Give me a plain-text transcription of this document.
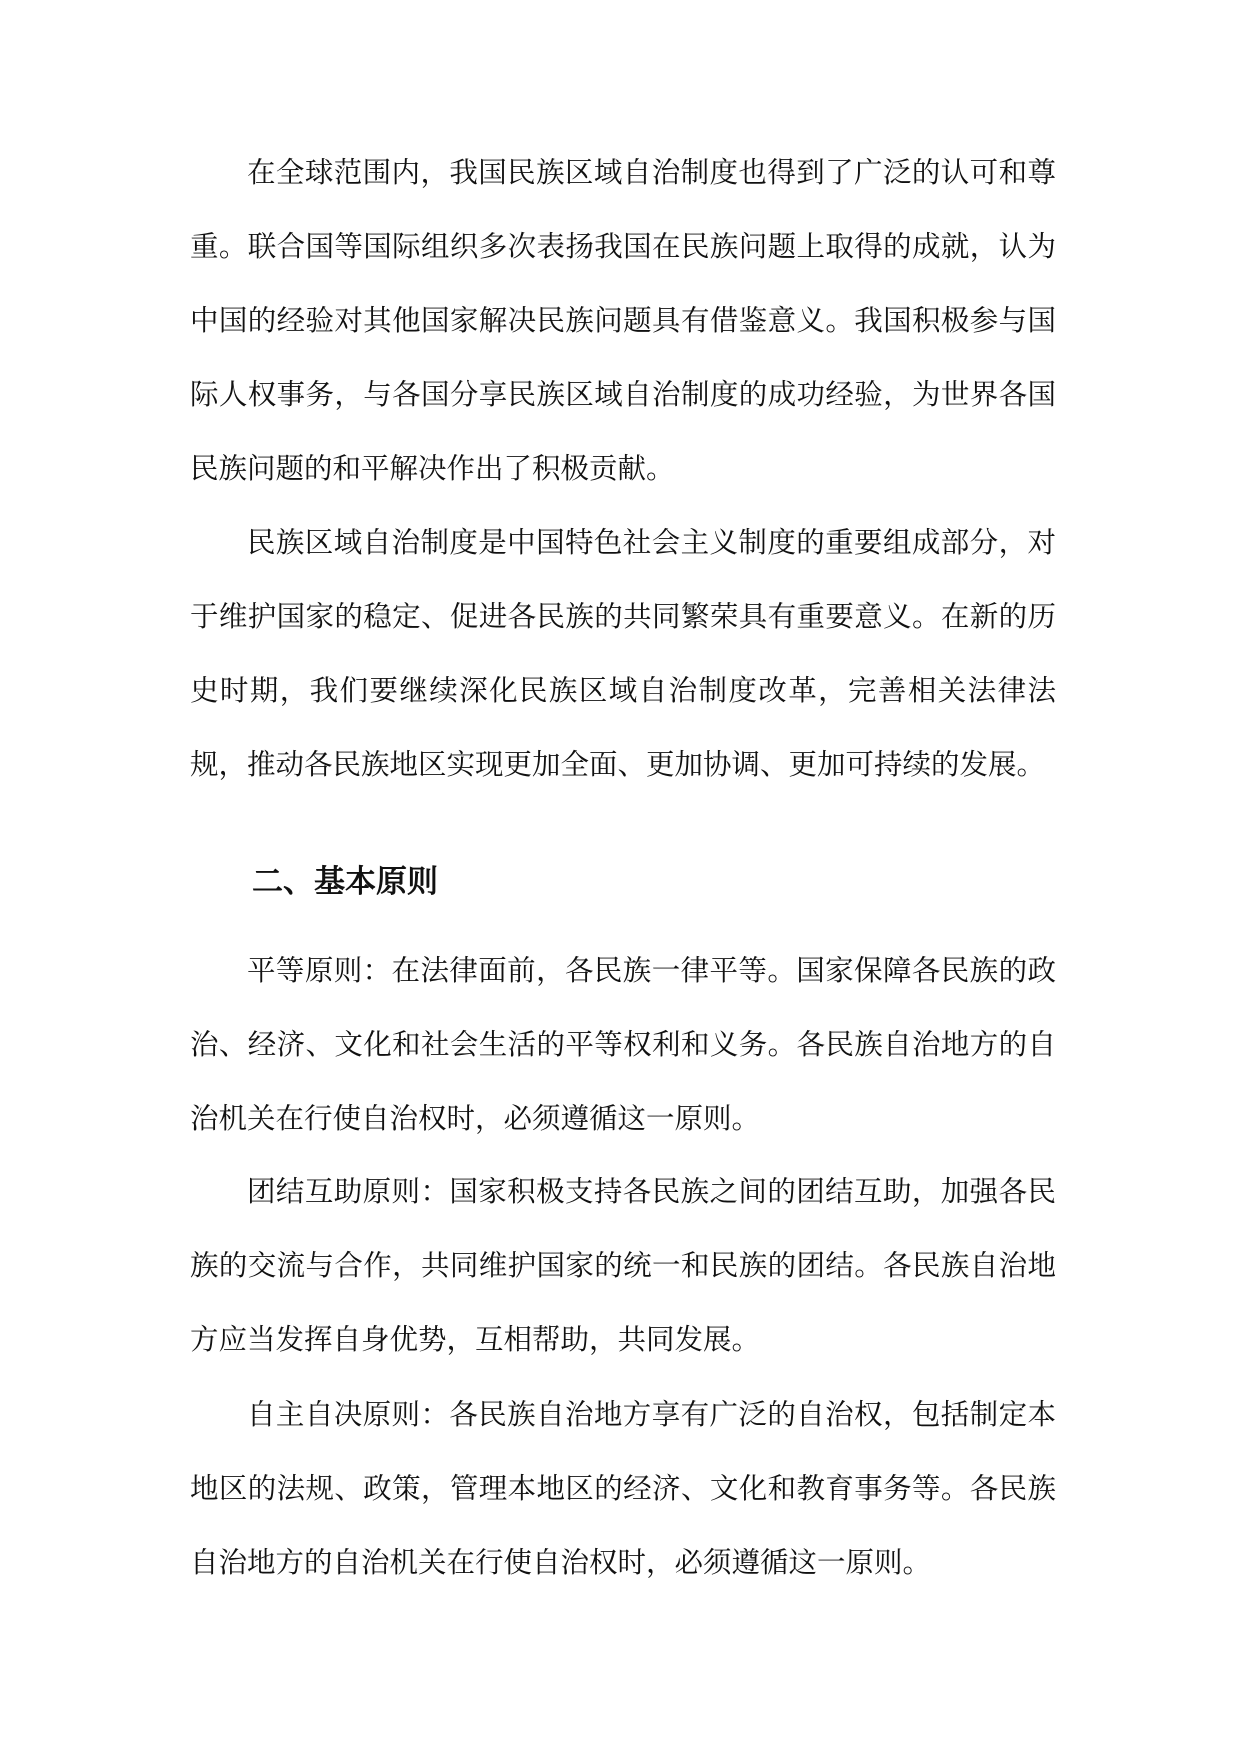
在全球范围内，我国民族区域自治制度也得到了广泛的认可和尊重。联合国等国际组织多次表扬我国在民族问题上取得的成就，认为中国的经验对其他国家解决民族问题具有借鉴意义。我国积极参与国际人权事务，与各国分享民族区域自治制度的成功经验，为世界各国民族问题的和平解决作出了积极贡献。

民族区域自治制度是中国特色社会主义制度的重要组成部分，对于维护国家的稳定、促进各民族的共同繁荣具有重要意义。在新的历史时期，我们要继续深化民族区域自治制度改革，完善相关法律法规，推动各民族地区实现更加全面、更加协调、更加可持续的发展。

二、基本原则

平等原则：在法律面前，各民族一律平等。国家保障各民族的政治、经济、文化和社会生活的平等权利和义务。各民族自治地方的自治机关在行使自治权时，必须遵循这一原则。

团结互助原则：国家积极支持各民族之间的团结互助，加强各民族的交流与合作，共同维护国家的统一和民族的团结。各民族自治地方应当发挥自身优势，互相帮助，共同发展。

自主自决原则：各民族自治地方享有广泛的自治权，包括制定本地区的法规、政策，管理本地区的经济、文化和教育事务等。各民族自治地方的自治机关在行使自治权时，必须遵循这一原则。
